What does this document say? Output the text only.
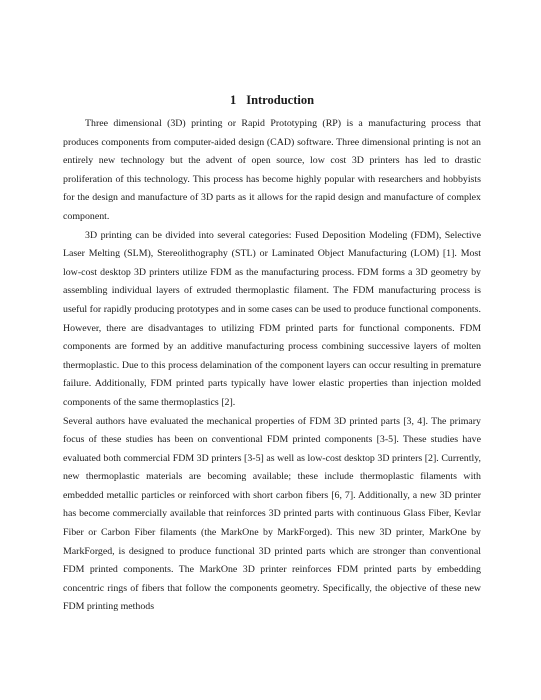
1 Introduction

Three dimensional (3D) printing or Rapid Prototyping (RP) is a manufacturing process that produces components from computer-aided design (CAD) software. Three dimensional printing is not an entirely new technology but the advent of open source, low cost 3D printers has led to drastic proliferation of this technology. This process has become highly popular with researchers and hobbyists for the design and manufacture of 3D parts as it allows for the rapid design and manufacture of complex component.

3D printing can be divided into several categories: Fused Deposition Modeling (FDM), Selective Laser Melting (SLM), Stereolithography (STL) or Laminated Object Manufacturing (LOM) [1]. Most low-cost desktop 3D printers utilize FDM as the manufacturing process. FDM forms a 3D geometry by assembling individual layers of extruded thermoplastic filament. The FDM manufacturing process is useful for rapidly producing prototypes and in some cases can be used to produce functional components. However, there are disadvantages to utilizing FDM printed parts for functional components. FDM components are formed by an additive manufacturing process combining successive layers of molten thermoplastic. Due to this process delamination of the component layers can occur resulting in premature failure. Additionally, FDM printed parts typically have lower elastic properties than injection molded components of the same thermoplastics [2].

Several authors have evaluated the mechanical properties of FDM 3D printed parts [3, 4]. The primary focus of these studies has been on conventional FDM printed components [3-5]. These studies have evaluated both commercial FDM 3D printers [3-5] as well as low-cost desktop 3D printers [2]. Currently, new thermoplastic materials are becoming available; these include thermoplastic filaments with embedded metallic particles or reinforced with short carbon fibers [6, 7]. Additionally, a new 3D printer has become commercially available that reinforces 3D printed parts with continuous Glass Fiber, Kevlar Fiber or Carbon Fiber filaments (the MarkOne by MarkForged). This new 3D printer, MarkOne by MarkForged, is designed to produce functional 3D printed parts which are stronger than conventional FDM printed components. The MarkOne 3D printer reinforces FDM printed parts by embedding concentric rings of fibers that follow the components geometry. Specifically, the objective of these new FDM printing methods
